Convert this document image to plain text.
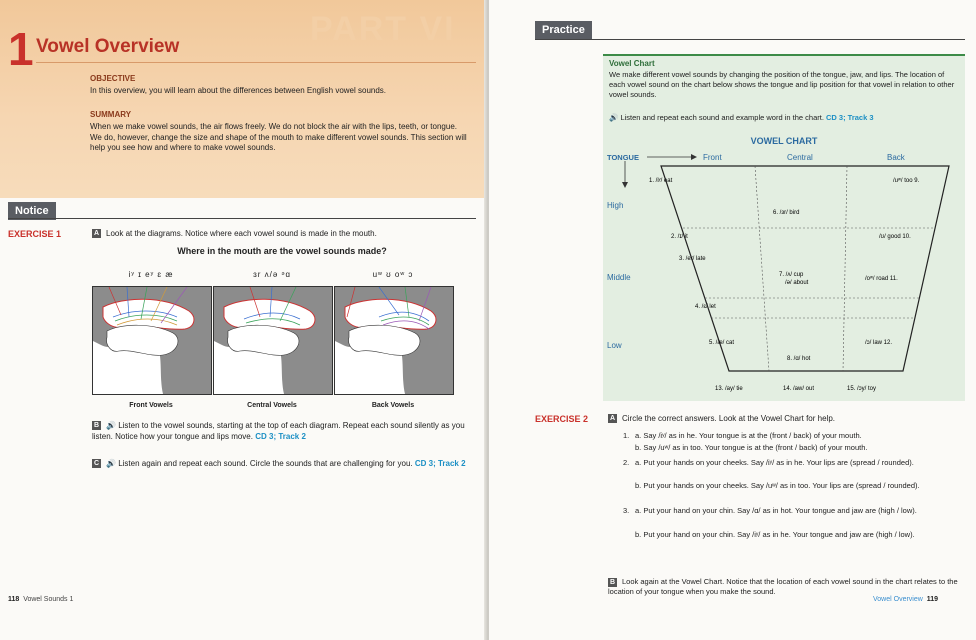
PART VI
1 Vowel Overview
OBJECTIVE
In this overview, you will learn about the differences between English vowel sounds.
SUMMARY
When we make vowel sounds, the air flows freely. We do not block the air with the lips, teeth, or tongue. We do, however, change the size and shape of the mouth to make different vowel sounds. This section will help you see how and where to make vowel sounds.
Notice
EXERCISE 1	A Look at the diagrams. Notice where each vowel sound is made in the mouth.
Where in the mouth are the vowel sounds made?
iʸ ɪ eʸ ɛ æ
Front Vowels
ɜr ʌ/ə ᵊɑ
Central Vowels
uʷ ʊ oʷ ɔ
Back Vowels
B 🔊 Listen to the vowel sounds, starting at the top of each diagram. Repeat each sound silently as you listen. Notice how your tongue and lips move. CD 3; Track 2
C 🔊 Listen again and repeat each sound. Circle the sounds that are challenging for you. CD 3; Track 2
118 Vowel Sounds 1
Practice
Vowel Chart
We make different vowel sounds by changing the position of the tongue, jaw, and lips. The location of each vowel sound on the chart below shows the tongue and lip position for that vowel in relation to other vowel sounds.
🔊 Listen and repeat each sound and example word in the chart. CD 3; Track 3
VOWEL CHART
TONGUE	Front	Central	Back
High
Middle
Low
1. /iʸ/ eat
2. /ɪ/ it
3. /eʸ/ late
4. /ɛ/ let
5. /æ/ cat
6. /ɜr/ bird
7. /ʌ/ cup
/ə/ about
8. /ɑ/ hot
/uʷ/ too 9.
/ʊ/ good 10.
/oʷ/ road 11.
/ɔ/ law 12.
13. /ay/ tie	14. /aw/ out	15. /ɔy/ toy
EXERCISE 2	A Circle the correct answers. Look at the Vowel Chart for help.
1. a. Say /iʸ/ as in he. Your tongue is at the (front / back) of your mouth.
b. Say /uʷ/ as in too. Your tongue is at the (front / back) of your mouth.
2. a. Put your hands on your cheeks. Say /iʸ/ as in he. Your lips are (spread / rounded).
b. Put your hands on your cheeks. Say /uʷ/ as in too. Your lips are (spread / rounded).
3. a. Put your hand on your chin. Say /ɑ/ as in hot. Your tongue and jaw are (high / low).
b. Put your hand on your chin. Say /iʸ/ as in he. Your tongue and jaw are (high / low).
B Look again at the Vowel Chart. Notice that the location of each vowel sound in the chart relates to the location of your tongue when you make the sound.
Vowel Overview 119
